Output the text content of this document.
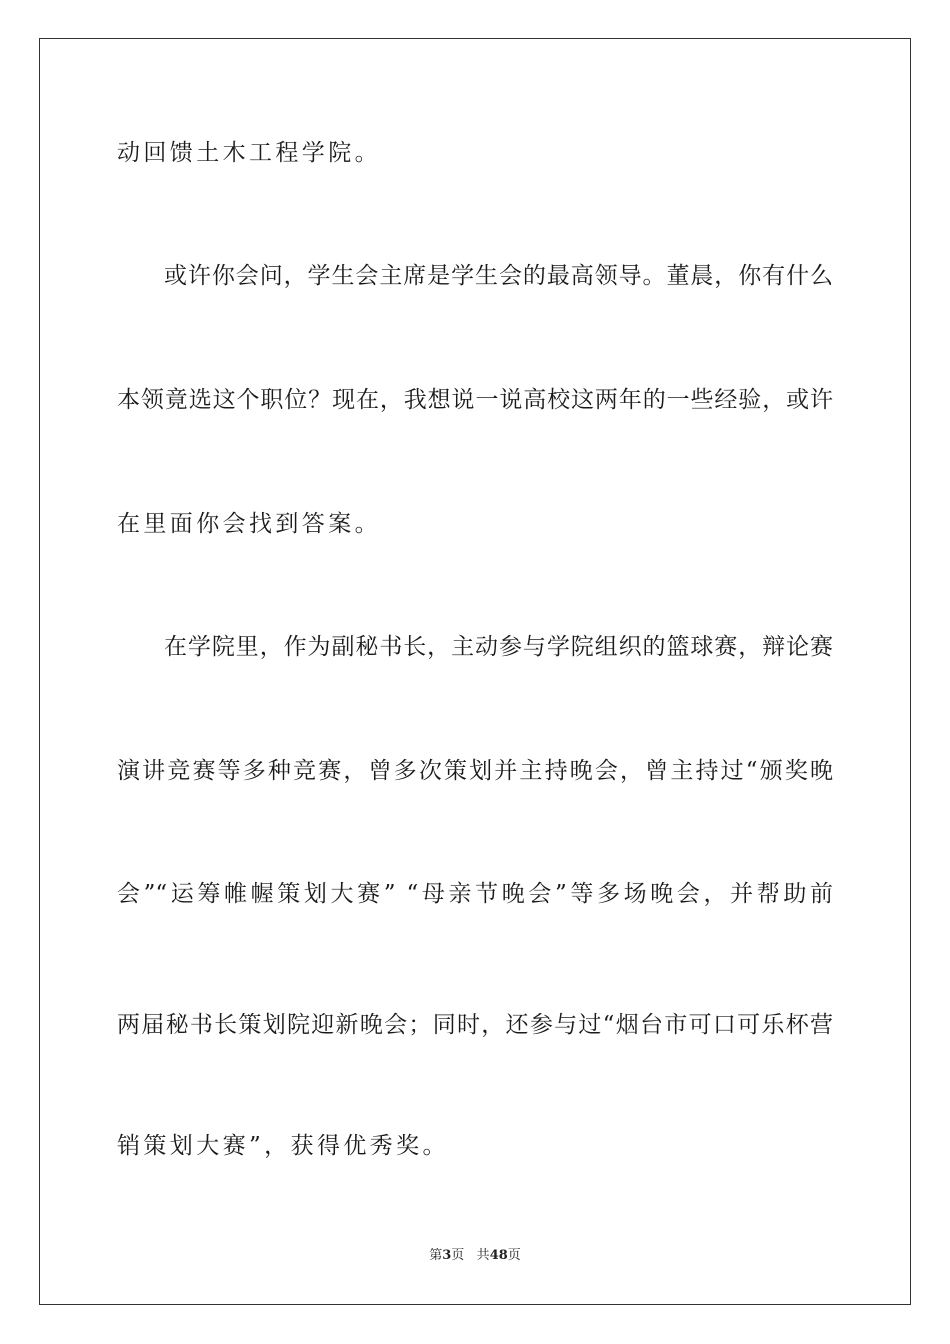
动回馈土木工程学院。
或许你会问，学生会主席是学生会的最高领导。董晨，你有什么
本领竟选这个职位？现在，我想说一说高校这两年的一些经验，或许
在里面你会找到答案。
在学院里，作为副秘书长，主动参与学院组织的篮球赛，辩论赛
演讲竞赛等多种竞赛，曾多次策划并主持晚会，曾主持过“颁奖晚
会”“运筹帷幄策划大赛” “母亲节晚会”等多场晚会，并帮助前
两届秘书长策划院迎新晚会；同时，还参与过“烟台市可口可乐杯营
销策划大赛”，获得优秀奖。
第3页 共48页
